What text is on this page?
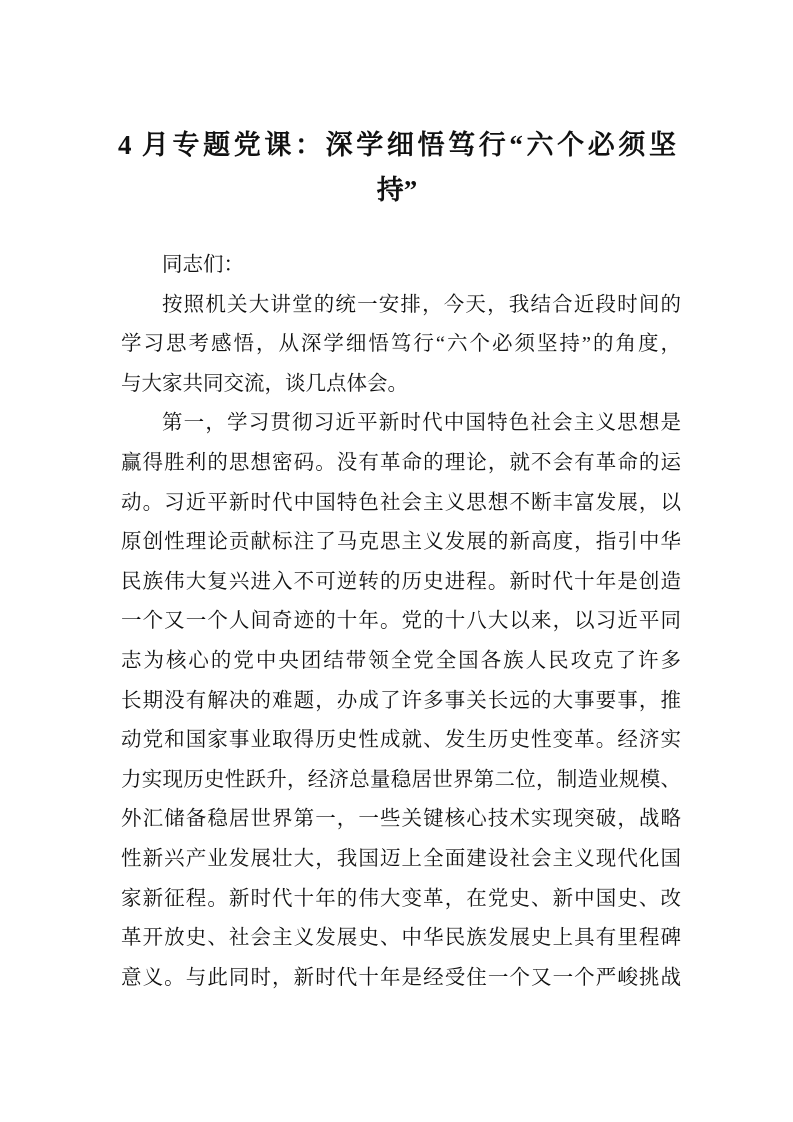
4 月专题党课：深学细悟笃行“六个必须坚
持”
同志们：
按照机关大讲堂的统一安排，今天，我结合近段时间的
学习思考感悟，从深学细悟笃行“六个必须坚持”的角度，
与大家共同交流，谈几点体会。
第一，学习贯彻习近平新时代中国特色社会主义思想是
赢得胜利的思想密码。没有革命的理论，就不会有革命的运
动。习近平新时代中国特色社会主义思想不断丰富发展，以
原创性理论贡献标注了马克思主义发展的新高度，指引中华
民族伟大复兴进入不可逆转的历史进程。新时代十年是创造
一个又一个人间奇迹的十年。党的十八大以来，以习近平同
志为核心的党中央团结带领全党全国各族人民攻克了许多
长期没有解决的难题，办成了许多事关长远的大事要事，推
动党和国家事业取得历史性成就、发生历史性变革。经济实
力实现历史性跃升，经济总量稳居世界第二位，制造业规模、
外汇储备稳居世界第一，一些关键核心技术实现突破，战略
性新兴产业发展壮大，我国迈上全面建设社会主义现代化国
家新征程。新时代十年的伟大变革，在党史、新中国史、改
革开放史、社会主义发展史、中华民族发展史上具有里程碑
意义。与此同时，新时代十年是经受住一个又一个严峻挑战
